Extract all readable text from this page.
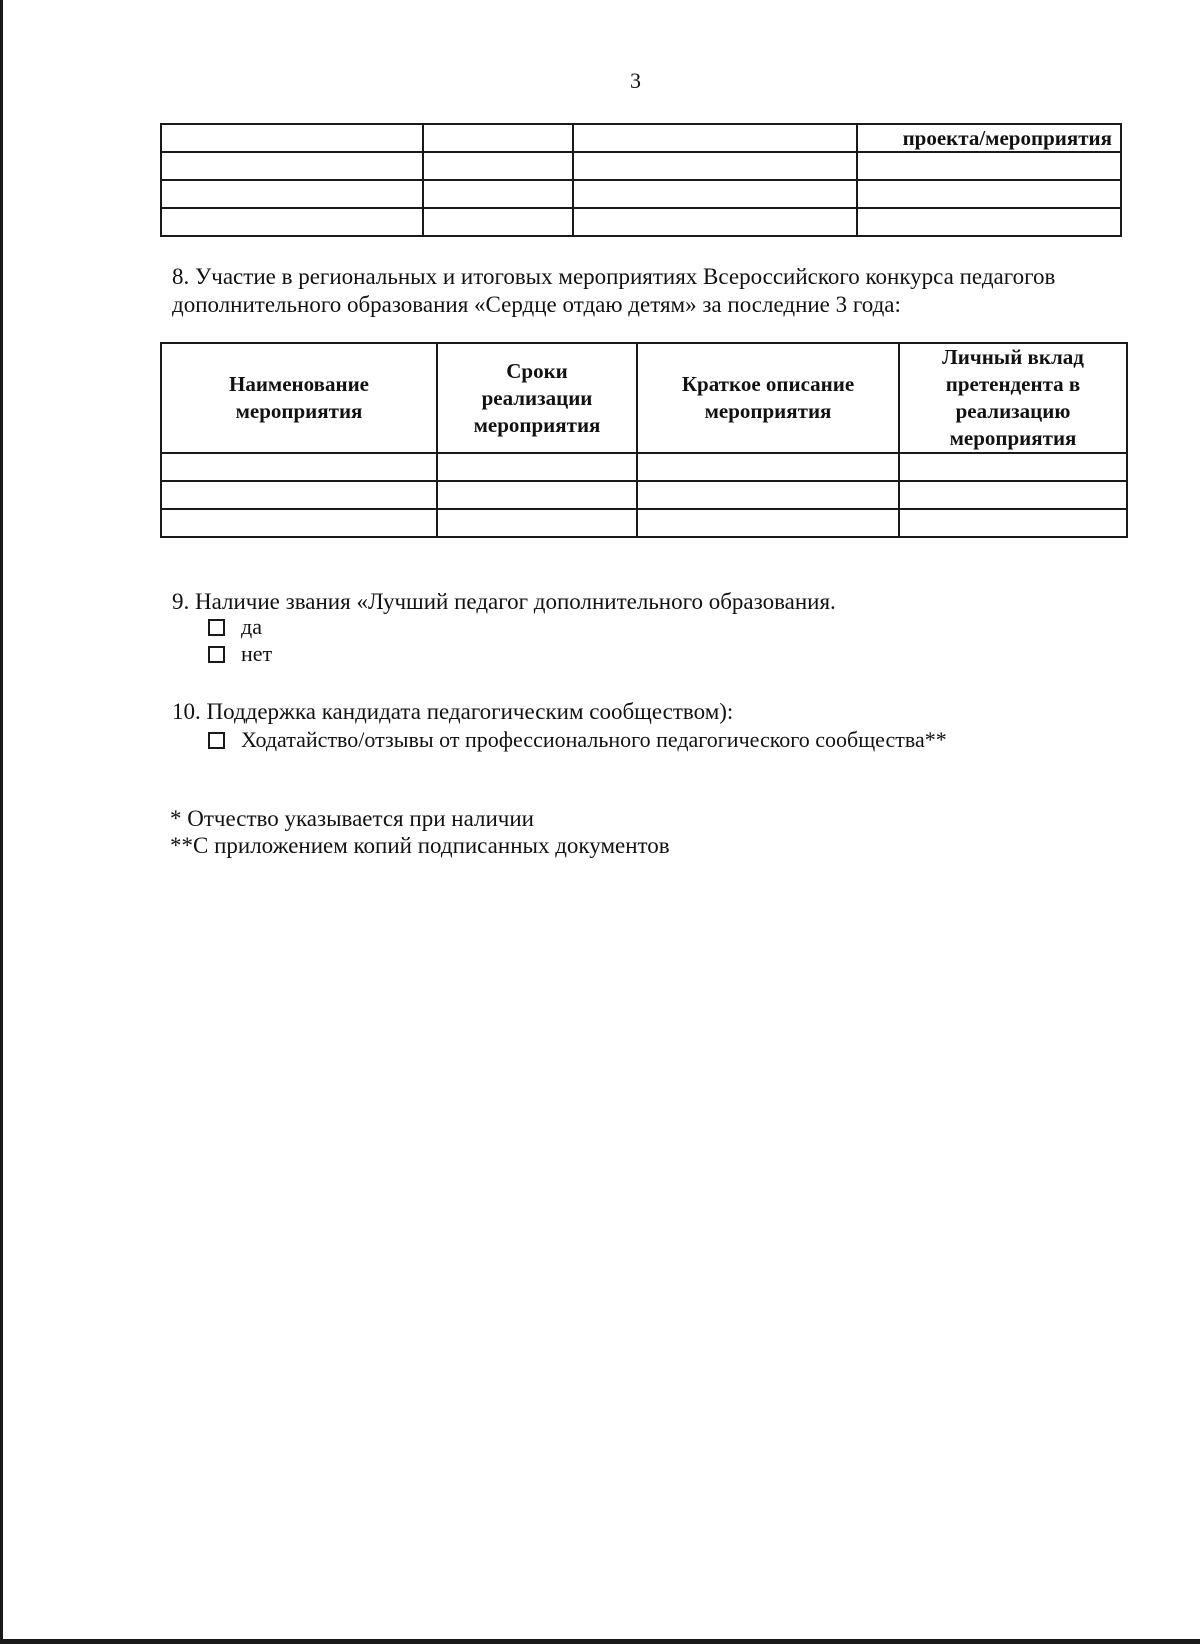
3
			проекта/мероприятия

8. Участие в региональных и итоговых мероприятиях Всероссийского конкурса педагогов дополнительного образования «Сердце отдаю детям» за последние 3 года:

Наименование мероприятия	Сроки реализации мероприятия	Краткое описание мероприятия	Личный вклад претендента в реализацию мероприятия

9. Наличие звания «Лучший педагог дополнительного образования.

да
нет

10. Поддержка кандидата педагогическим сообществом):

Ходатайство/отзывы от профессионального педагогического сообщества**
* Отчество указывается при наличии
**С приложением копий подписанных документов
